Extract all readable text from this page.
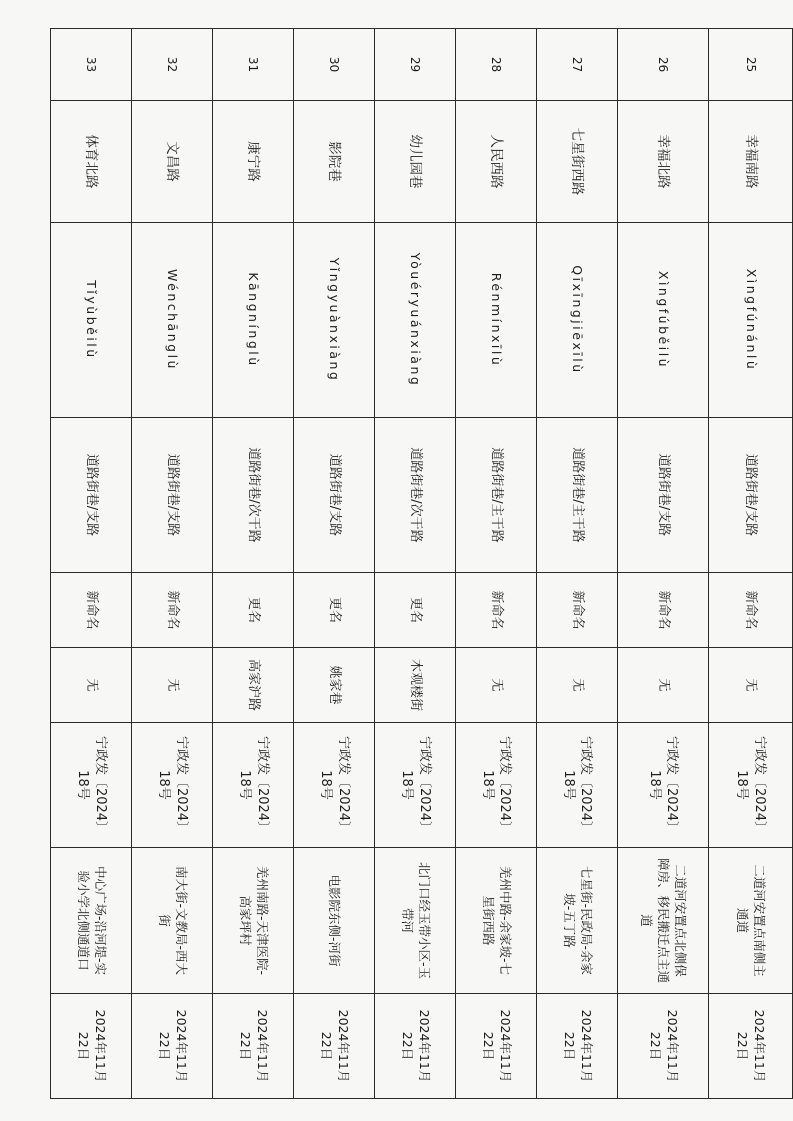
25	幸福南路	Xìngfúnánlù	道路街巷/支路	新命名	无	宁政发〔2024〕18号	二道河安置点南侧主
通道	2024年11月
22日

26	幸福北路	Xìngfúběilù	道路街巷/支路	新命名	无	宁政发〔2024〕18号	二道河安置点北侧保
障房、移民搬迁点主通
道	2024年11月
22日

27	七星街西路	Qīxīngjiēxīlù	道路街巷/主干路	新命名	无	宁政发〔2024〕18号	七星街-民政局-余家
坡-五丁路	2024年11月
22日

28	人民西路	Rénmínxīlù	道路街巷/主干路	新命名	无	宁政发〔2024〕18号	羌州中路-余家坡-七
星街西路	2024年11月
22日

29	幼儿园巷	Yòuéryuánxiàng	道路街巷/次干路	更名	木观楼街	宁政发〔2024〕18号	北门口经玉带小区-玉
带河	2024年11月
22日

30	影院巷	Yǐngyuànxiàng	道路街巷/支路	更名	姚家巷	宁政发〔2024〕18号	电影院东侧-河街	2024年11月
22日

31	康宁路	Kāngnínglù	道路街巷/次干路	更名	高家沪路	宁政发〔2024〕18号	羌州南路-天津医院-
高家坪村	2024年11月
22日

32	文昌路	Wénchānglù	道路街巷/支路	新命名	无	宁政发〔2024〕18号	南大街-文教局-西大
街	2024年11月
22日

33	体育北路	Tǐyùběilù	道路街巷/支路	新命名	无	宁政发〔2024〕18号	中心广场-沿河堤-实
验小学北侧通道口	2024年11月
22日
